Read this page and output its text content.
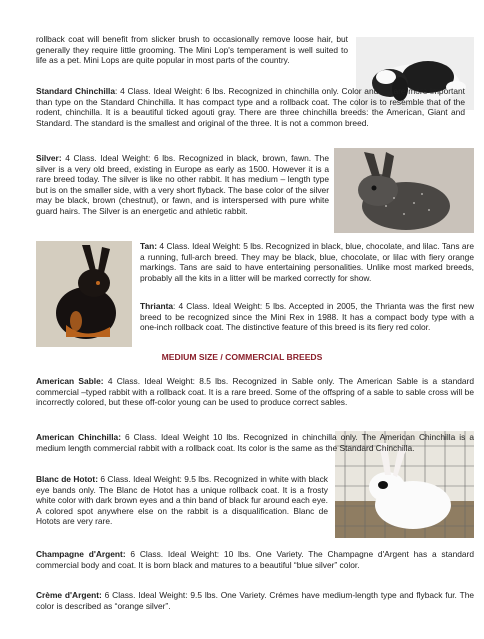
rollback coat will benefit from slicker brush to occasionally remove loose hair, but generally they require little grooming. The Mini Lop's temperament is well suited to life as a pet. Mini Lops are quite popular in most parts of the country.

Standard Chinchilla: 4 Class. Ideal Weight: 6 lbs. Recognized in chinchilla only. Color and fur are more important than type on the Standard Chinchilla. It has compact type and a rollback coat. The color is to resemble that of the rodent, chinchilla. It is a beautiful ticked agouti gray. There are three chinchilla breeds: the American, Giant and Standard. The standard is the smallest and original of the three. It is not a common breed.

Silver: 4 Class. Ideal Weight: 6 lbs. Recognized in black, brown, fawn. The silver is a very old breed, existing in Europe as early as 1500. However it is a rare breed today. The silver is like no other rabbit. It has medium – length type but is on the smaller side, with a very short flyback. The base color of the silver may be black, brown (chestnut), or fawn, and is interspersed with pure white guard hairs. The Silver is an energetic and athletic rabbit.

Tan: 4 Class. Ideal Weight: 5 lbs. Recognized in black, blue, chocolate, and lilac. Tans are a running, full-arch breed. They may be black, blue, chocolate, or lilac with fiery orange markings. Tans are said to have entertaining personalities. Unlike most marked breeds, probably all the kits in a litter will be marked correctly for show.

Thrianta: 4 Class. Ideal Weight: 5 lbs. Accepted in 2005, the Thrianta was the first new breed to be recognized since the Mini Rex in 1988. It has a compact body type with a one-inch rollback coat. The distinctive feature of this breed is its fiery red color.

MEDIUM SIZE / COMMERCIAL BREEDS

American Sable: 4 Class. Ideal Weight: 8.5 lbs. Recognized in Sable only. The American Sable is a standard commercial –typed rabbit with a rollback coat. It is a rare breed. Some of the offspring of a sable to sable cross will be incorrectly colored, but these off-color young can be used to produce correct sables.

American Chinchilla: 6 Class. Ideal Weight 10 lbs. Recognized in chinchilla only. The American Chinchilla is a medium length commercial rabbit with a rollback coat. Its color is the same as the Standard Chinchilla.

Blanc de Hotot: 6 Class. Ideal Weight: 9.5 lbs. Recognized in white with black eye bands only. The Blanc de Hotot has a unique rollback coat. It is a frosty white color with dark brown eyes and a thin band of black fur around each eye. A colored spot anywhere else on the rabbit is a disqualification. Blanc de Hotots are very rare.

Champagne d'Argent: 6 Class. Ideal Weight: 10 lbs. One Variety. The Champagne d'Argent has a standard commercial body and coat. It is born black and matures to a beautiful “blue silver” color.

Crème d'Argent: 6 Class. Ideal Weight: 9.5 lbs. One Variety. Crémes have medium-length type and flyback fur. The color is described as “orange silver”.
